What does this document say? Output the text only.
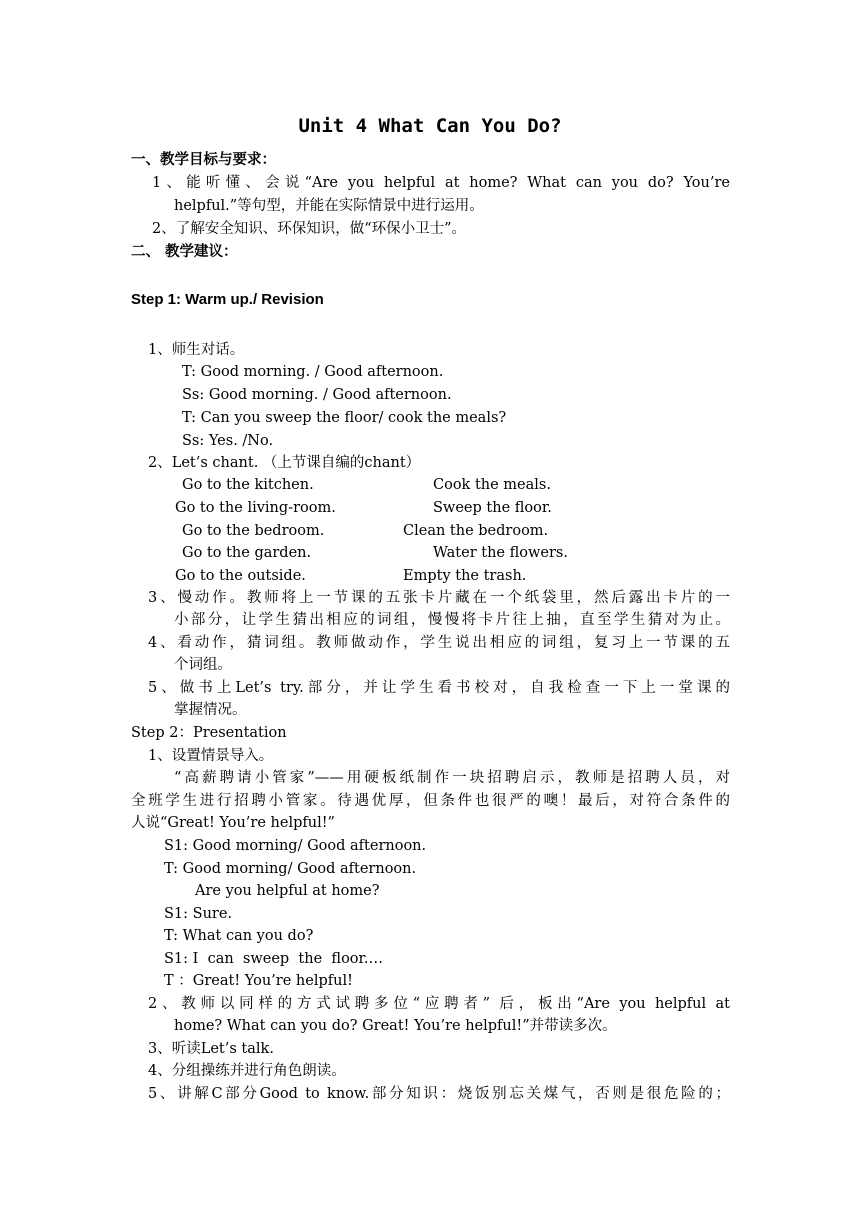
Unit 4 What Can You Do?
一、教学目标与要求：
1、能听懂、会说“Are you helpful at home? What can you do? You’re
helpful.”等句型，并能在实际情景中进行运用。
2、了解安全知识、环保知识，做“环保小卫士”。
二、 教学建议：
Step 1: Warm up./ Revision
1、师生对话。
T: Good morning. / Good afternoon.
Ss: Good morning. / Good afternoon.
T: Can you sweep the floor/ cook the meals?
Ss: Yes. /No.
2、Let’s chant. （上节课自编的chant）
Go to the kitchen.	Cook the meals.
Go to the living-room.	Sweep the floor.
Go to the bedroom.	Clean the bedroom.
Go to the garden.	Water the flowers.
Go to the outside.	Empty the trash.
3、慢动作。教师将上一节课的五张卡片藏在一个纸袋里，然后露出卡片的一
小部分，让学生猜出相应的词组，慢慢将卡片往上抽，直至学生猜对为止。
4、看动作，猜词组。教师做动作，学生说出相应的词组，复习上一节课的五
个词组。
5、做书上Let’s try.部分，并让学生看书校对，自我检查一下上一堂课的
掌握情况。
Step 2：Presentation
1、设置情景导入。
“高薪聘请小管家”——用硬板纸制作一块招聘启示，教师是招聘人员，对
全班学生进行招聘小管家。待遇优厚，但条件也很严的噢！最后，对符合条件的
人说“Great! You’re helpful!”
S1: Good morning/ Good afternoon.
T: Good morning/ Good afternoon.
Are you helpful at home?
S1: Sure.
T: What can you do?
S1: I  can  sweep  the  floor.…
T ：Great! You’re helpful!
2、教师以同样的方式试聘多位“应聘者” 后，板出“Are you helpful at
home? What can you do? Great! You’re helpful!”并带读多次。
3、听读Let’s talk.
4、分组操练并进行角色朗读。
5、讲解C部分Good to know.部分知识：烧饭别忘关煤气，否则是很危险的；
